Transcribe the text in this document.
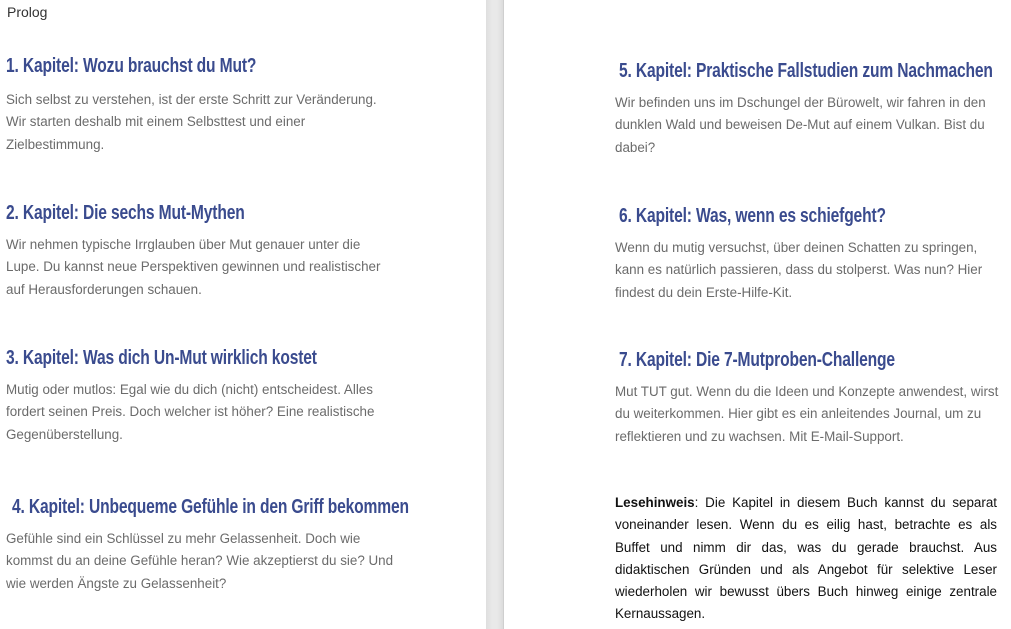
Prolog
1. Kapitel: Wozu brauchst du Mut?

Sich selbst zu verstehen, ist der erste Schritt zur Veränderung. Wir starten deshalb mit einem Selbsttest und einer Zielbestimmung.

2. Kapitel: Die sechs Mut-Mythen

Wir nehmen typische Irrglauben über Mut genauer unter die Lupe. Du kannst neue Perspektiven gewinnen und realistischer auf Herausforderungen schauen.

3. Kapitel: Was dich Un-Mut wirklich kostet

Mutig oder mutlos: Egal wie du dich (nicht) entscheidest. Alles fordert seinen Preis. Doch welcher ist höher? Eine realistische Gegenüberstellung.

4. Kapitel: Unbequeme Gefühle in den Griff bekommen

Gefühle sind ein Schlüssel zu mehr Gelassenheit. Doch wie kommst du an deine Gefühle heran? Wie akzeptierst du sie? Und wie werden Ängste zu Gelassenheit?

5. Kapitel: Praktische Fallstudien zum Nachmachen

Wir befinden uns im Dschungel der Bürowelt, wir fahren in den dunklen Wald und beweisen De-Mut auf einem Vulkan. Bist du dabei?

6. Kapitel: Was, wenn es schiefgeht?

Wenn du mutig versuchst, über deinen Schatten zu springen, kann es natürlich passieren, dass du stolperst. Was nun? Hier findest du dein Erste-Hilfe-Kit.

7. Kapitel: Die 7-Mutproben-Challenge

Mut TUT gut. Wenn du die Ideen und Konzepte anwendest, wirst du weiterkommen. Hier gibt es ein anleitendes Journal, um zu reflektieren und zu wachsen. Mit E-Mail-Support.

Lesehinweis: Die Kapitel in diesem Buch kannst du separat voneinander lesen. Wenn du es eilig hast, betrachte es als Buffet und nimm dir das, was du gerade brauchst. Aus didaktischen Gründen und als Angebot für selektive Leser wiederholen wir bewusst übers Buch hinweg einige zentrale Kernaussagen.
